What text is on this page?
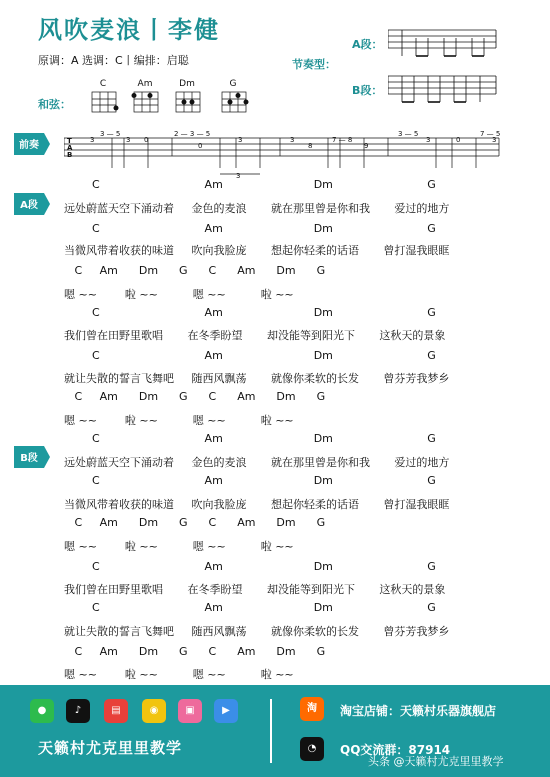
风吹麦浪丨李健
原调：A 选调：C丨编排：启聪	节奏型：
A段：
B段：
和弦：
C	Am	Dm	G
前奏	3
3 — 5
3 0
2 — 3 — 5
0
3	3
8
7 — 8
9
3 — 5
3	0
7 — 5
3
3
T
A
B
A段
C                              Am                          Dm                           G
远处蔚蓝天空下涌动着     金色的麦浪       就在那里曾是你和我       爱过的地方
C                              Am                          Dm                           G
当微风带着收获的味道     吹向我脸庞       想起你轻柔的话语       曾打湿我眼眶
C     Am      Dm      G      C      Am      Dm      G
嗯 ~~        啦 ~~          嗯 ~~          啦 ~~
C                              Am                          Dm                           G
我们曾在田野里歌唱       在冬季盼望       却没能等到阳光下       这秋天的景象
C                              Am                          Dm                           G
就让失散的誓言飞舞吧     随西风飘荡       就像你柔软的长发       曾芬芳我梦乡
C     Am      Dm      G      C      Am      Dm      G
嗯 ~~        啦 ~~          嗯 ~~          啦 ~~
B段
C                              Am                          Dm                           G
远处蔚蓝天空下涌动着     金色的麦浪       就在那里曾是你和我       爱过的地方
C                              Am                          Dm                           G
当微风带着收获的味道     吹向我脸庞       想起你轻柔的话语       曾打湿我眼眶
C     Am      Dm      G      C      Am      Dm      G
嗯 ~~        啦 ~~          嗯 ~~          啦 ~~
C                              Am                          Dm                           G
我们曾在田野里歌唱       在冬季盼望       却没能等到阳光下       这秋天的景象
C                              Am                          Dm                           G
就让失散的誓言飞舞吧     随西风飘荡       就像你柔软的长发       曾芬芳我梦乡
C     Am      Dm      G      C      Am      Dm      G
嗯 ~~        啦 ~~          嗯 ~~          啦 ~~
●	♪	▤	◉	▣	▶
天籁村尤克里里教学
淘	淘宝店铺：天籁村乐器旗舰店
◔	QQ交流群：87914
头条 @天籁村尤克里里教学
